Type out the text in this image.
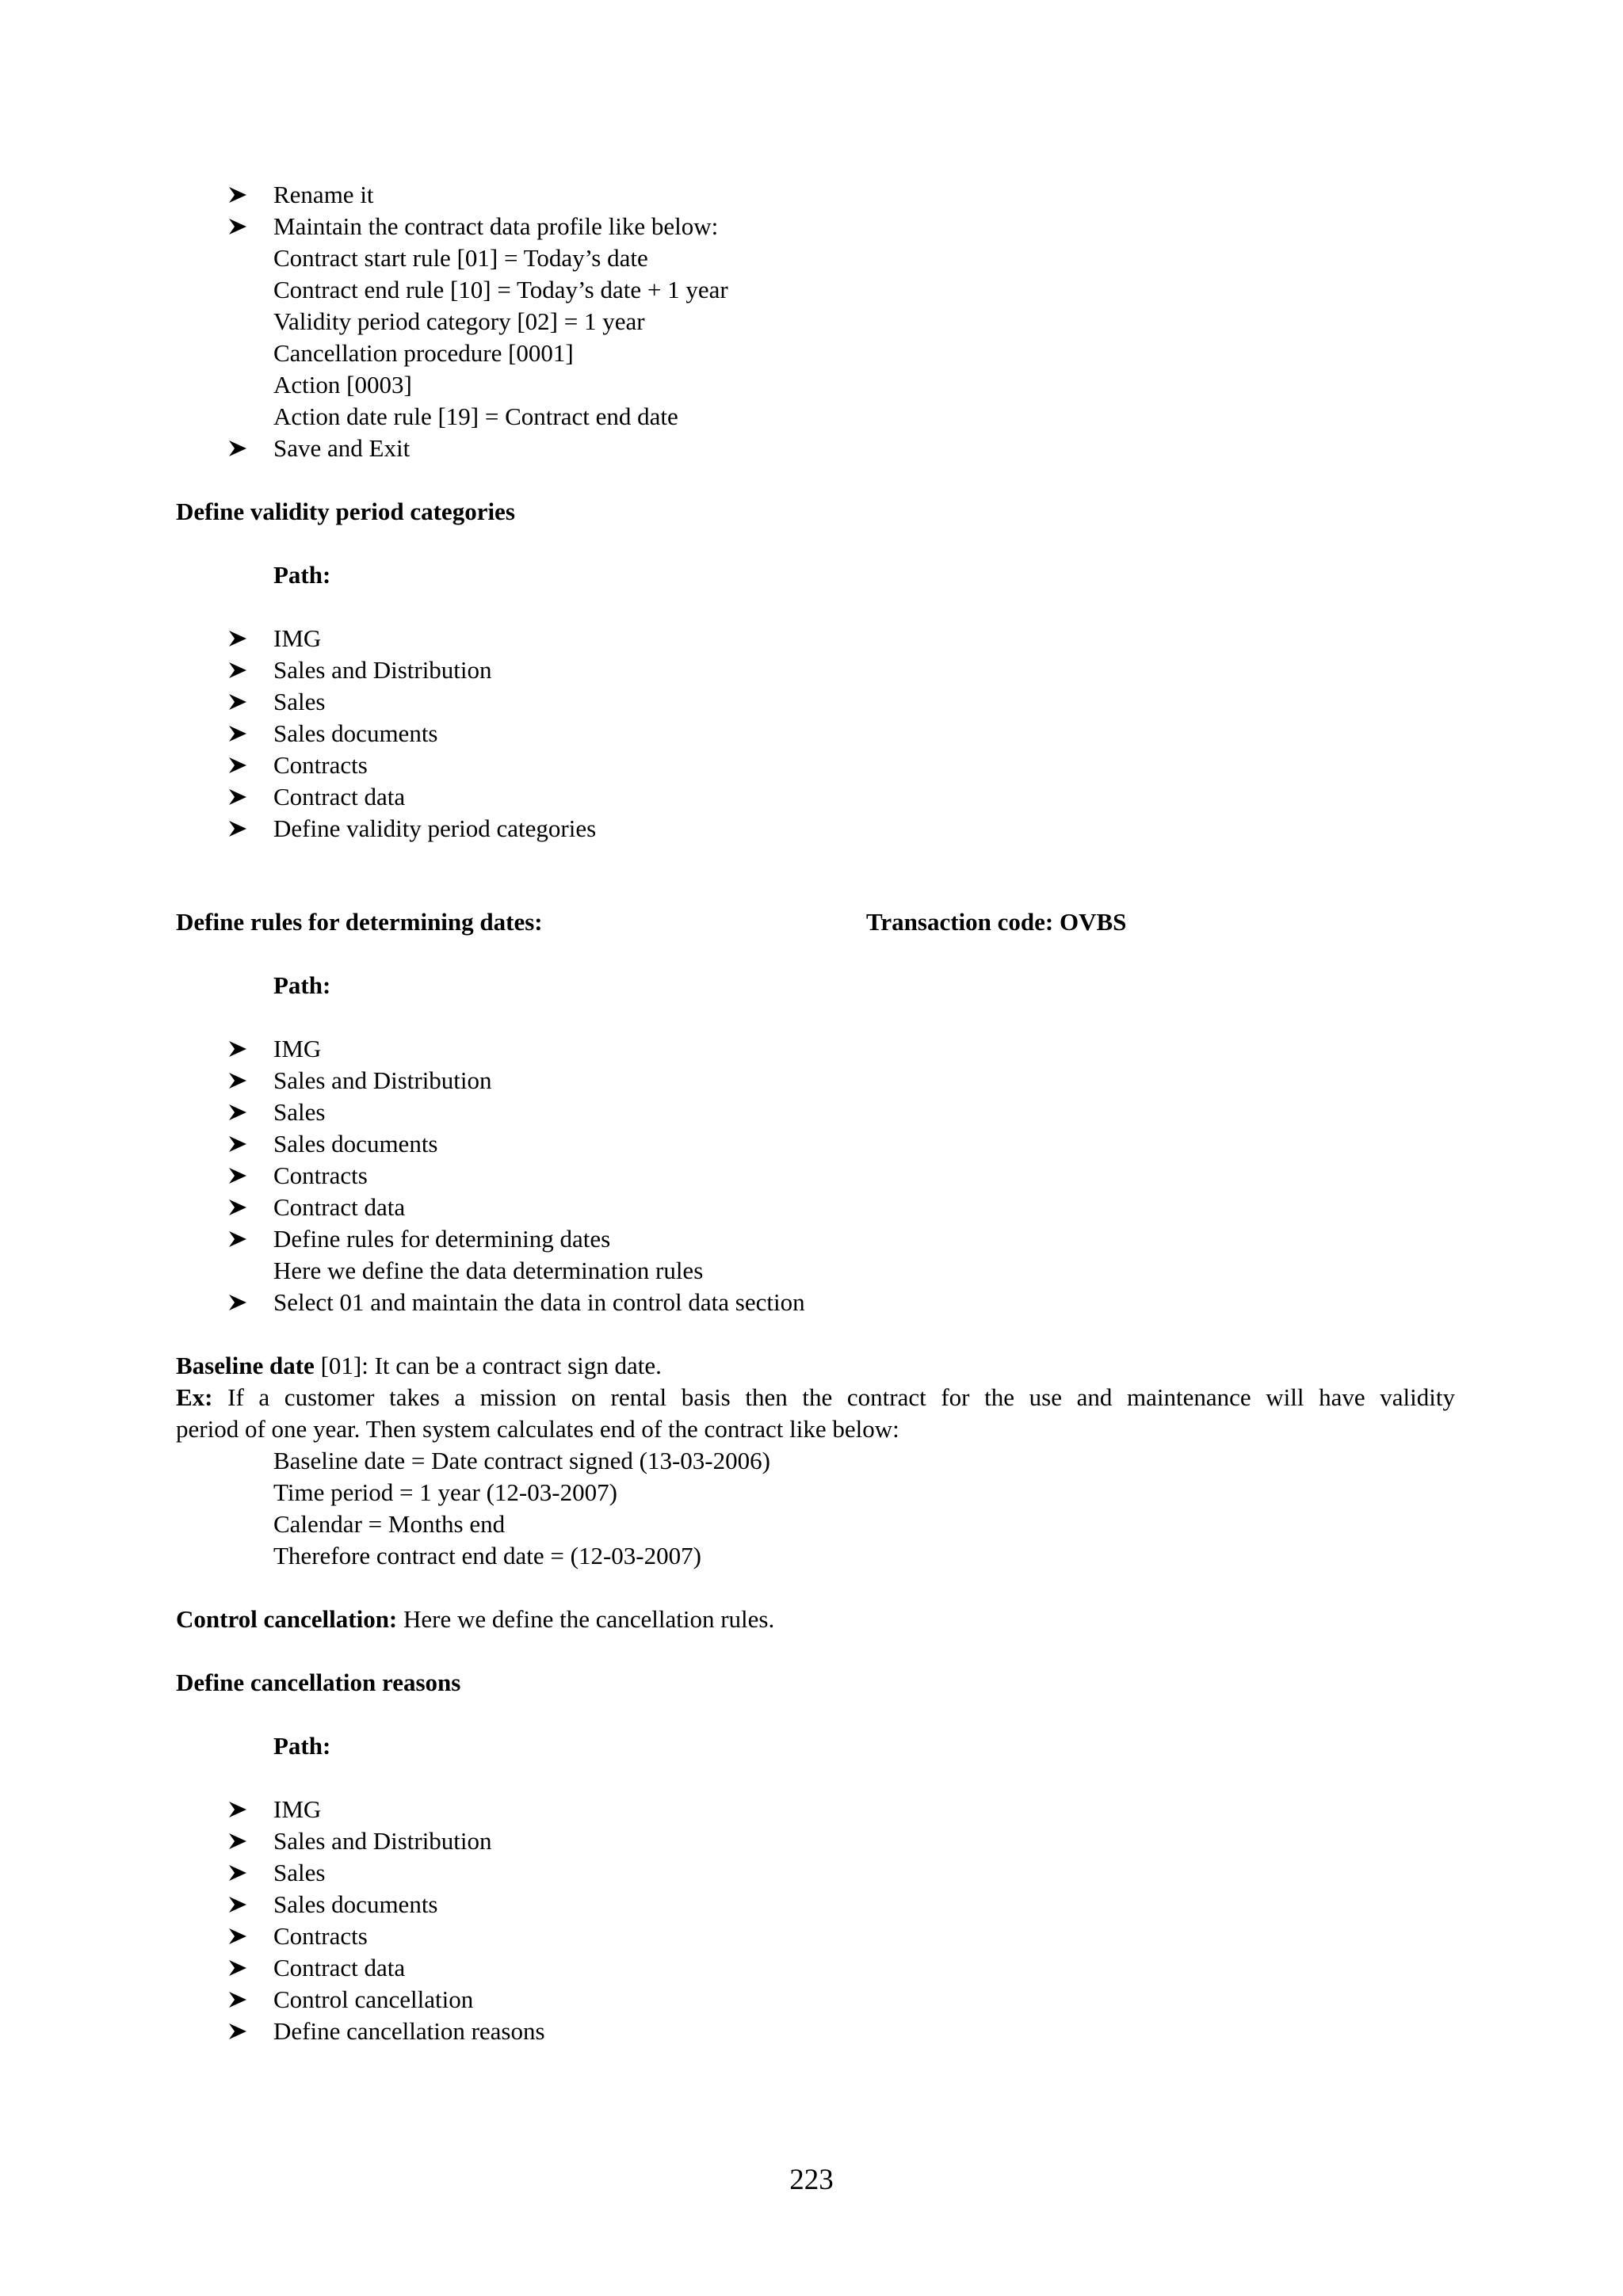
Rename it
Maintain the contract data profile like below:
Contract start rule [01] = Today’s date
Contract end rule [10] = Today’s date + 1 year
Validity period category [02] = 1 year
Cancellation procedure [0001]
Action [0003]
Action date rule [19] = Contract end date
Save and Exit
Define validity period categories
Path:
IMG
Sales and Distribution
Sales
Sales documents
Contracts
Contract data
Define validity period categories
Define rules for determining dates:	Transaction code: OVBS
Path:
IMG
Sales and Distribution
Sales
Sales documents
Contracts
Contract data
Define rules for determining dates
Here we define the data determination rules
Select 01 and maintain the data in control data section
Baseline date [01]: It can be a contract sign date.
Ex: If a customer takes a mission on rental basis then the contract for the use and maintenance will have validity
period of one year. Then system calculates end of the contract like below:
Baseline date = Date contract signed (13-03-2006)
Time period = 1 year (12-03-2007)
Calendar = Months end
Therefore contract end date = (12-03-2007)
Control cancellation: Here we define the cancellation rules.
Define cancellation reasons
Path:
IMG
Sales and Distribution
Sales
Sales documents
Contracts
Contract data
Control cancellation
Define cancellation reasons
223
